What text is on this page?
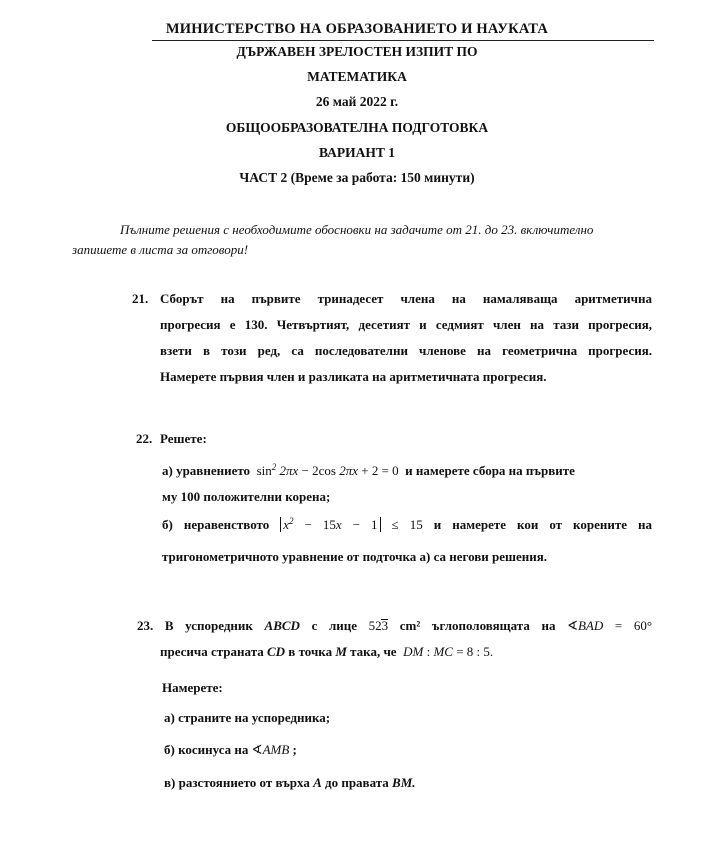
МИНИСТЕРСТВО НА ОБРАЗОВАНИЕТО И НАУКАТА
ДЪРЖАВЕН ЗРЕЛОСТЕН ИЗПИТ ПО
МАТЕМАТИКА
26 май 2022 г.
ОБЩООБРАЗОВАТЕЛНА ПОДГОТОВКА
ВАРИАНТ 1
ЧАСТ 2 (Време за работа: 150 минути)
Пълните решения с необходимите обосновки на задачите от 21. до 23. включително
запишете в листа за отговори!
21. Сборът на първите тринадесет члена на намаляваща аритметична
прогресия е 130. Четвъртият, десетият и седмият член на тази прогресия,
взети в този ред, са последователни членове на геометрична прогресия.
Намерете първия член и разликата на аритметичната прогресия.
22. Решете:
а) уравнението $\sin^2 2\pi x - 2\cos$ 2πx + 2 = 0 и намерете сбора на първите
му 100 положителни корена;
б) неравенството $x^2 - 15x - 1 \le 15$ и намерете кои от корените на
тригонометричното уравнение от подточка а) са негови решения.
23. В успоредник ABCD с лице 523 cm² ъглополовящата на ∢BAD = 60°
пресича страната CD в точка M така, че  DM : MC = 8 : 5.
Намерете:
а) страните на успоредника;
б) косинуса на ∢AMB ;
в) разстоянието от върха A до правата BM.
